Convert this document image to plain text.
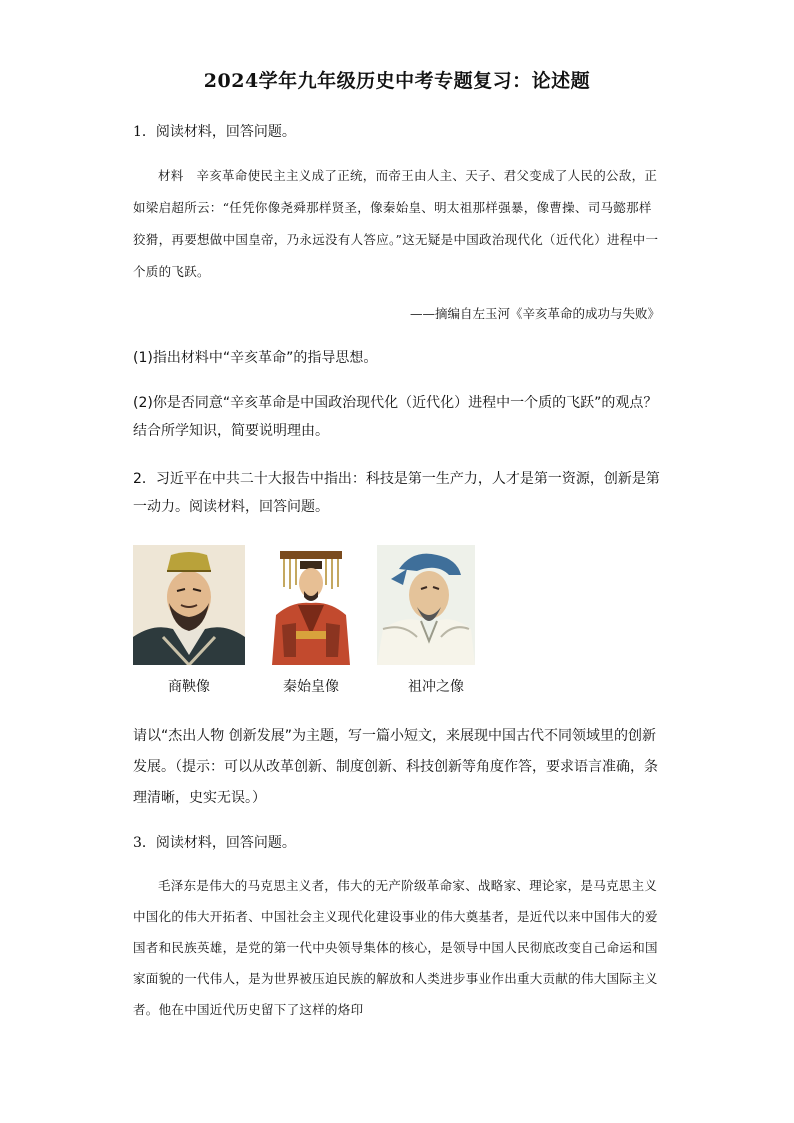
2024学年九年级历史中考专题复习：论述题
1．阅读材料，回答问题。
材料　辛亥革命使民主主义成了正统，而帝王由人主、天子、君父变成了人民的公敌，正如梁启超所云：“任凭你像尧舜那样贤圣，像秦始皇、明太祖那样强暴，像曹操、司马懿那样狡猾，再要想做中国皇帝，乃永远没有人答应。”这无疑是中国政治现代化（近代化）进程中一个质的飞跃。
——摘编自左玉河《辛亥革命的成功与失败》
(1)指出材料中“辛亥革命”的指导思想。
(2)你是否同意“辛亥革命是中国政治现代化（近代化）进程中一个质的飞跃”的观点？结合所学知识，简要说明理由。
2．习近平在中共二十大报告中指出：科技是第一生产力，人才是第一资源，创新是第一动力。阅读材料，回答问题。
商鞅像	秦始皇像	祖冲之像
请以“杰出人物 创新发展”为主题，写一篇小短文，来展现中国古代不同领域里的创新发展。（提示：可以从改革创新、制度创新、科技创新等角度作答，要求语言准确，条理清晰，史实无误。）
3．阅读材料，回答问题。
毛泽东是伟大的马克思主义者，伟大的无产阶级革命家、战略家、理论家，是马克思主义中国化的伟大开拓者、中国社会主义现代化建设事业的伟大奠基者，是近代以来中国伟大的爱国者和民族英雄，是党的第一代中央领导集体的核心，是领导中国人民彻底改变自己命运和国家面貌的一代伟人，是为世界被压迫民族的解放和人类进步事业作出重大贡献的伟大国际主义者。他在中国近代历史留下了这样的烙印
